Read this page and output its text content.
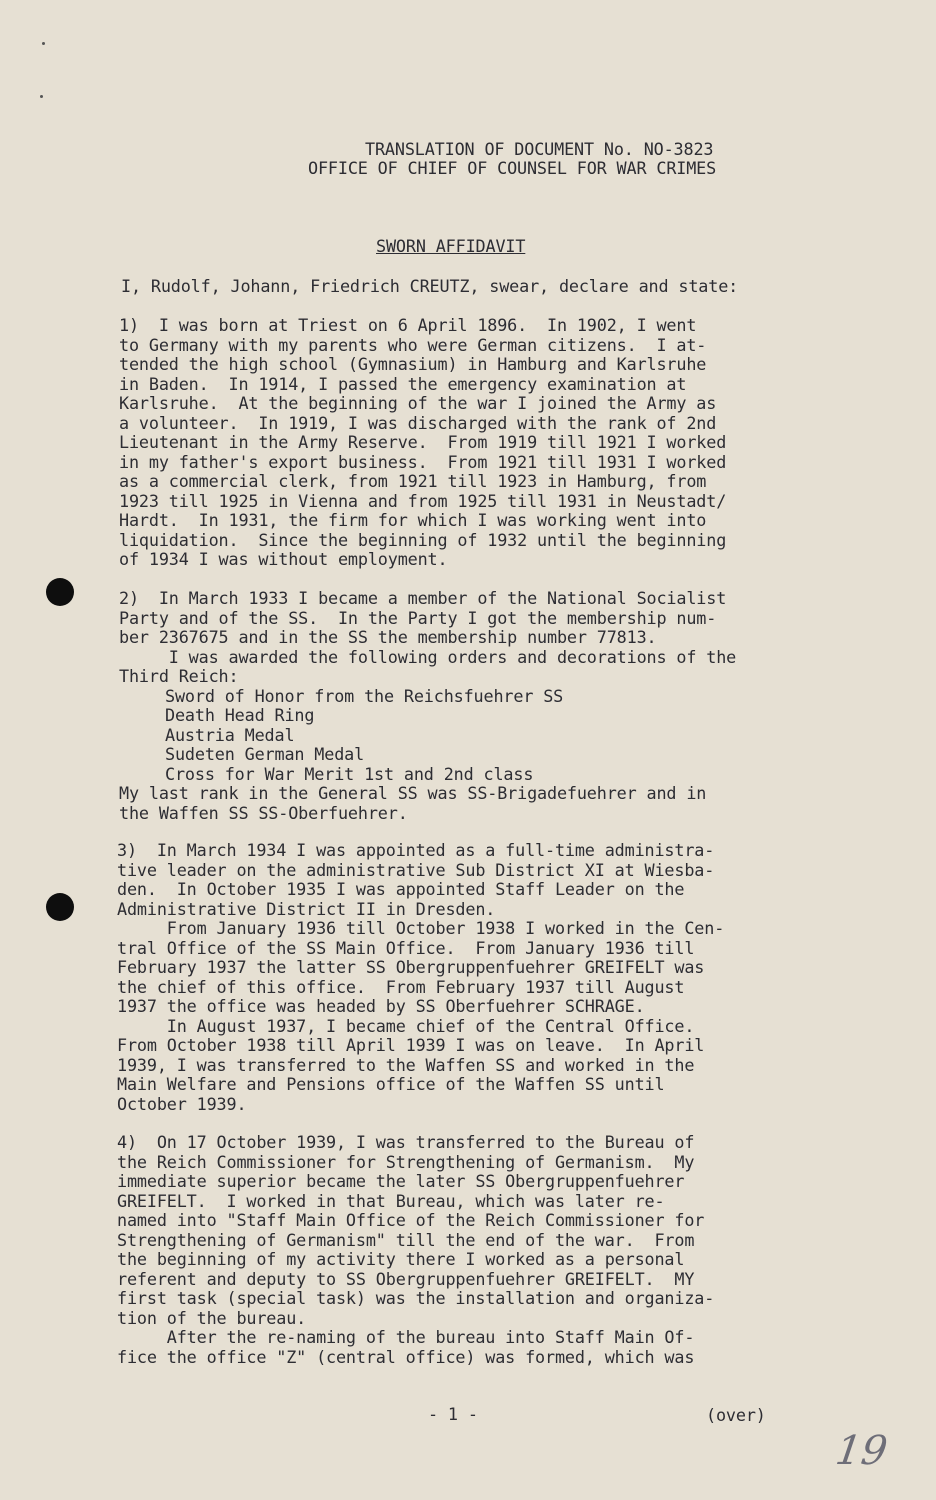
TRANSLATION OF DOCUMENT No. NO-3823
OFFICE OF CHIEF OF COUNSEL FOR WAR CRIMES
SWORN AFFIDAVIT
I, Rudolf, Johann, Friedrich CREUTZ, swear, declare and state:
1)  I was born at Triest on 6 April 1896.  In 1902, I went
to Germany with my parents who were German citizens.  I at-
tended the high school (Gymnasium) in Hamburg and Karlsruhe
in Baden.  In 1914, I passed the emergency examination at
Karlsruhe.  At the beginning of the war I joined the Army as
a volunteer.  In 1919, I was discharged with the rank of 2nd
Lieutenant in the Army Reserve.  From 1919 till 1921 I worked
in my father's export business.  From 1921 till 1931 I worked
as a commercial clerk, from 1921 till 1923 in Hamburg, from
1923 till 1925 in Vienna and from 1925 till 1931 in Neustadt/
Hardt.  In 1931, the firm for which I was working went into
liquidation.  Since the beginning of 1932 until the beginning
of 1934 I was without employment.
2)  In March 1933 I became a member of the National Socialist
Party and of the SS.  In the Party I got the membership num-
ber 2367675 and in the SS the membership number 77813.
I was awarded the following orders and decorations of the
Third Reich:
Sword of Honor from the Reichsfuehrer SS
Death Head Ring
Austria Medal
Sudeten German Medal
Cross for War Merit 1st and 2nd class
My last rank in the General SS was SS-Brigadefuehrer and in
the Waffen SS SS-Oberfuehrer.
3)  In March 1934 I was appointed as a full-time administra-
tive leader on the administrative Sub District XI at Wiesba-
den.  In October 1935 I was appointed Staff Leader on the
Administrative District II in Dresden.
From January 1936 till October 1938 I worked in the Cen-
tral Office of the SS Main Office.  From January 1936 till
February 1937 the latter SS Obergruppenfuehrer GREIFELT was
the chief of this office.  From February 1937 till August
1937 the office was headed by SS Oberfuehrer SCHRAGE.
In August 1937, I became chief of the Central Office.
From October 1938 till April 1939 I was on leave.  In April
1939, I was transferred to the Waffen SS and worked in the
Main Welfare and Pensions office of the Waffen SS until
October 1939.
4)  On 17 October 1939, I was transferred to the Bureau of
the Reich Commissioner for Strengthening of Germanism.  My
immediate superior became the later SS Obergruppenfuehrer
GREIFELT.  I worked in that Bureau, which was later re-
named into "Staff Main Office of the Reich Commissioner for
Strengthening of Germanism" till the end of the war.  From
the beginning of my activity there I worked as a personal
referent and deputy to SS Obergruppenfuehrer GREIFELT.  MY
first task (special task) was the installation and organiza-
tion of the bureau.
After the re-naming of the bureau into Staff Main Of-
fice the office "Z" (central office) was formed, which was
- 1 -	(over)
19
